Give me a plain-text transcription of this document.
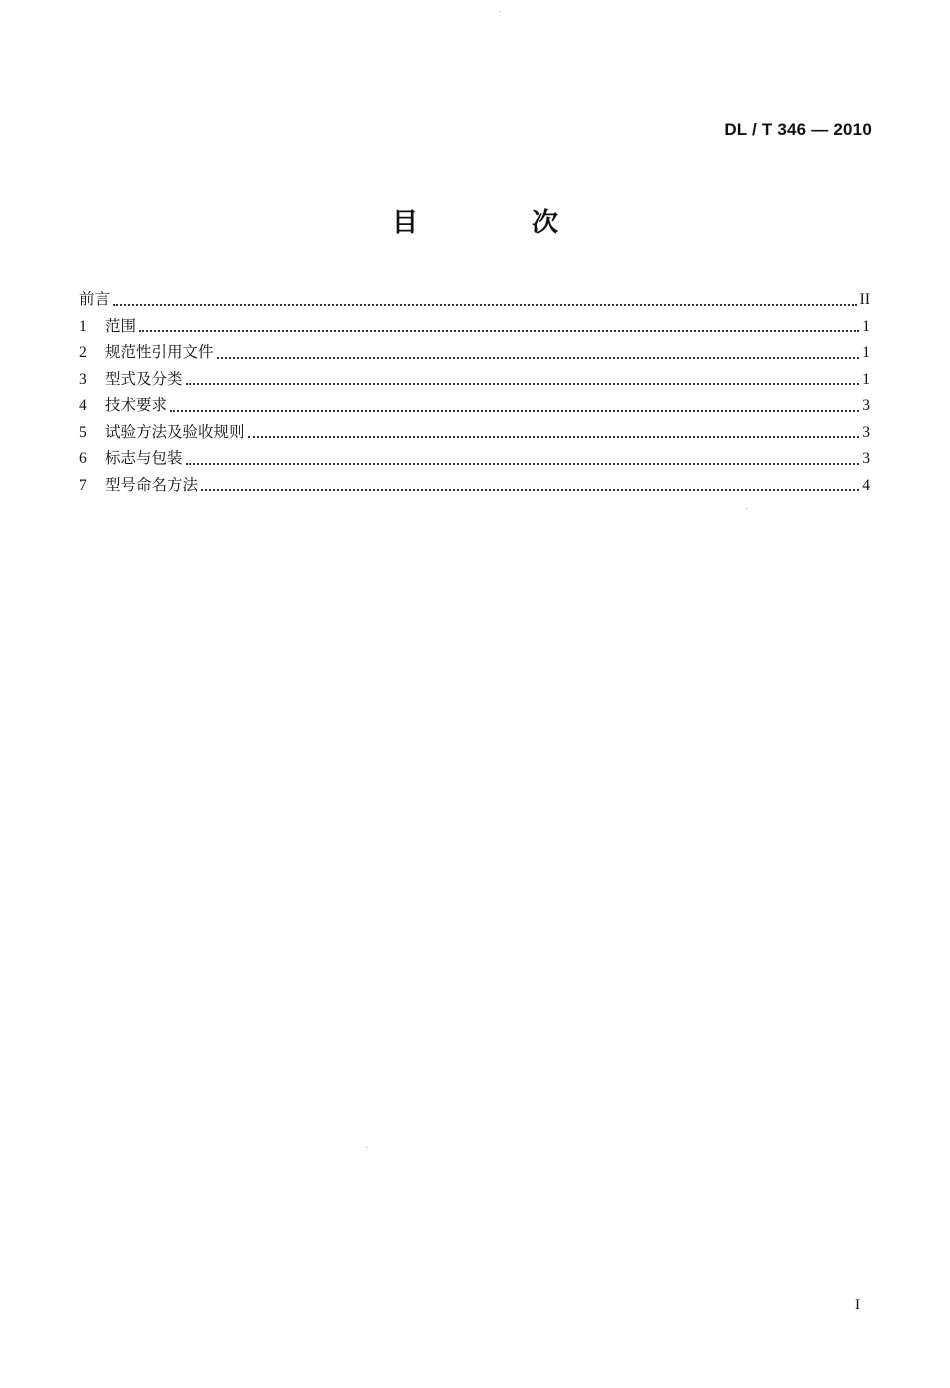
DL / T 346 — 2010
目　次
前言	II
1	范围	1
2	规范性引用文件	1
3	型式及分类	1
4	技术要求	3
5	试验方法及验收规则	3
6	标志与包装	3
7	型号命名方法	4
I
